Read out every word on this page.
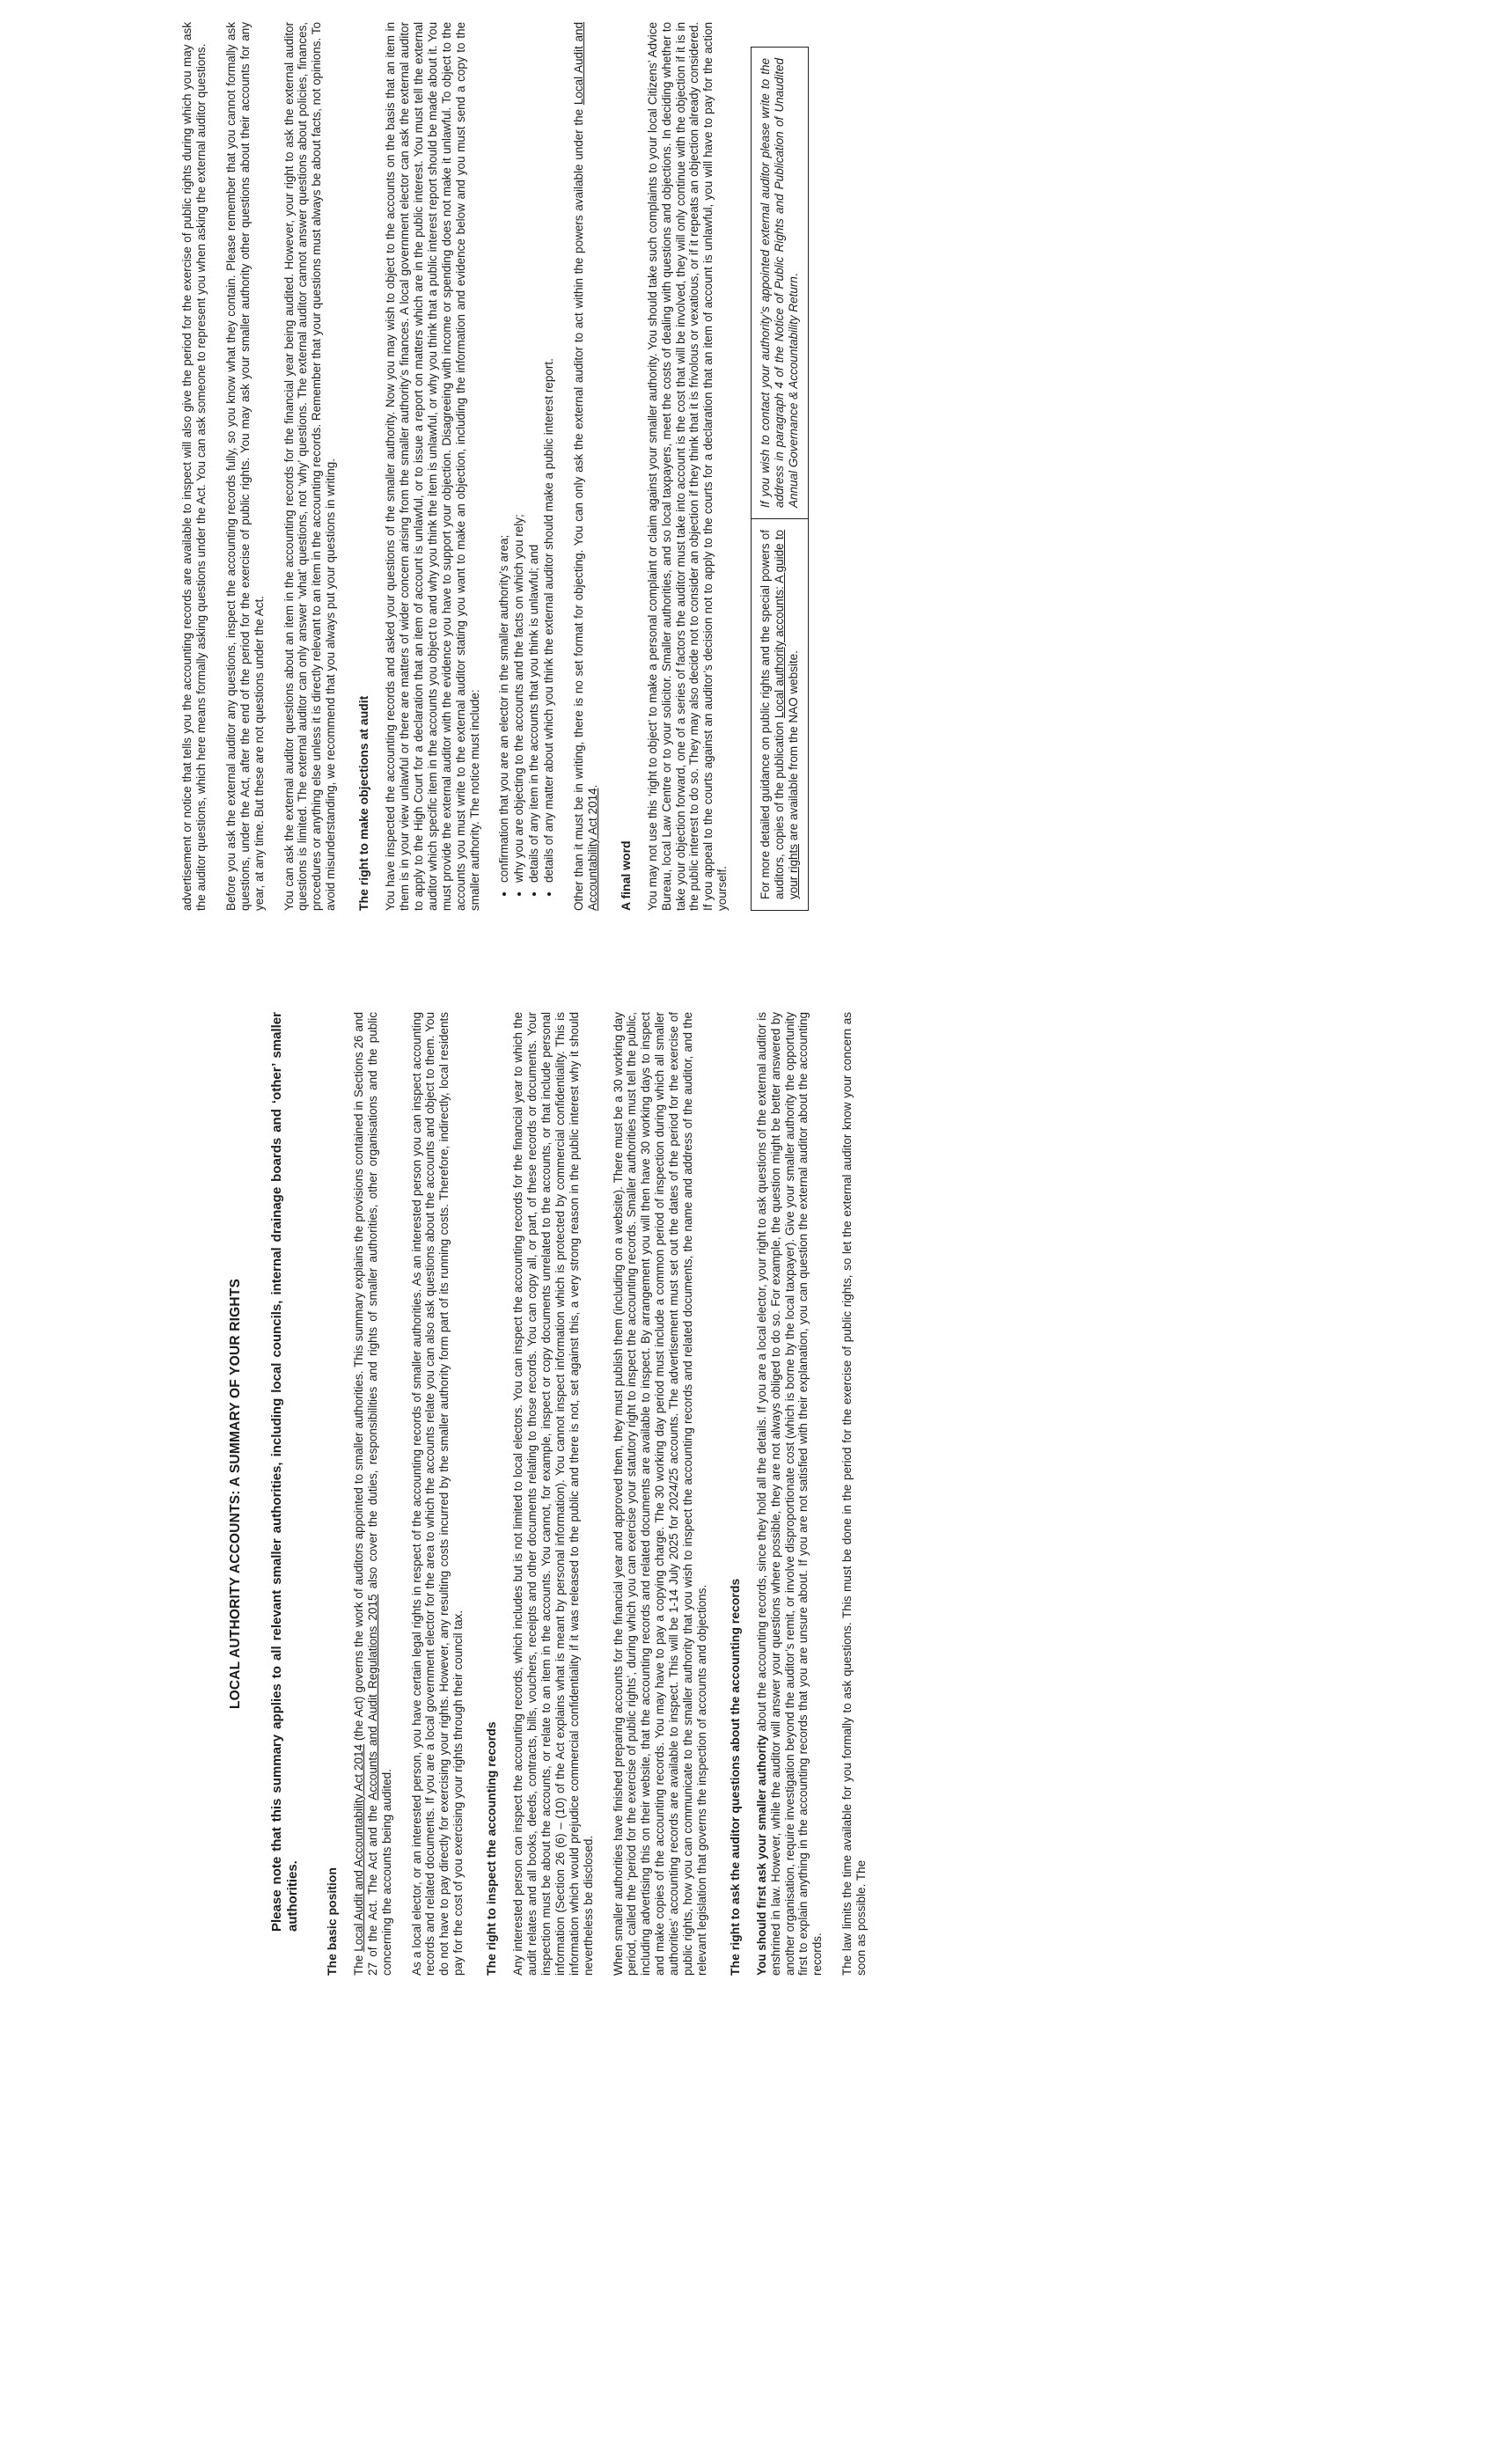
LOCAL AUTHORITY ACCOUNTS: A SUMMARY OF YOUR RIGHTS Please note that this summary applies to all relevant smaller authorities, including local councils, internal drainage boards and ‘other’ smaller authorities. The basic position The Local Audit and Accountability Act 2014 (the Act) governs the work of auditors appointed to smaller authorities. This summary explains the provisions contained in Sections 26 and 27 of the Act. The Act and the Accounts and Audit Regulations 2015 also cover the duties, responsibilities and rights of smaller authorities, other organisations and the public concerning the accounts being audited. As a local elector, or an interested person, you have certain legal rights in respect of the accounting records of smaller authorities. As an interested person you can inspect accounting records and related documents. If you are a local government elector for the area to which the accounts relate you can also ask questions about the accounts and object to them. You do not have to pay directly for exercising your rights. However, any resulting costs incurred by the smaller authority form part of its running costs. Therefore, indirectly, local residents pay for the cost of you exercising your rights through their council tax. The right to inspect the accounting records Any interested person can inspect the accounting records, which includes but is not limited to local electors. You can inspect the accounting records for the financial year to which the audit relates and all books, deeds, contracts, bills, vouchers, receipts and other documents relating to those records. You can copy all, or part, of these records or documents. Your inspection must be about the accounts, or relate to an item in the accounts. You cannot, for example, inspect or copy documents unrelated to the accounts, or that include personal information (Section 26 (6) – (10) of the Act explains what is meant by personal information). You cannot inspect information which is protected by commercial confidentiality. This is information which would prejudice commercial confidentiality if it was released to the public and there is not, set against this, a very strong reason in the public interest why it should nevertheless be disclosed. When smaller authorities have finished preparing accounts for the financial year and approved them, they must publish them (including on a website). There must be a 30 working day period, called the ‘period for the exercise of public rights’, during which you can exercise your statutory right to inspect the accounting records. Smaller authorities must tell the public, including advertising this on their website, that the accounting records and related documents are available to inspect. By arrangement you will then have 30 working days to inspect and make copies of the accounting records. You may have to pay a copying charge. The 30 working day period must include a common period of inspection during which all smaller authorities’ accounting records are available to inspect. This will be 1-14 July 2025 for 2024/25 accounts. The advertisement must set out the dates of the period for the exercise of public rights, how you can communicate to the smaller authority that you wish to inspect the accounting records and related documents, the name and address of the auditor, and the relevant legislation that governs the inspection of accounts and objections. The right to ask the auditor questions about the accounting records You should first ask your smaller authority about the accounting records, since they hold all the details. If you are a local elector, your right to ask questions of the external auditor is enshrined in law. However, while the auditor will answer your questions where possible, they are not always obliged to do so. For example, the question might be better answered by another organisation, require investigation beyond the auditor’s remit, or involve disproportionate cost (which is borne by the local taxpayer). Give your smaller authority the opportunity first to explain anything in the accounting records that you are unsure about. If you are not satisfied with their explanation, you can question the external auditor about the accounting records. The law limits the time available for you formally to ask questions. This must be done in the period for the exercise of public rights, so let the external auditor know your concern as soon as possible. The

advertisement or notice that tells you the accounting records are available to inspect will also give the period for the exercise of public rights during which you may ask the auditor questions, which here means formally asking questions under the Act. You can ask someone to represent you when asking the external auditor questions. Before you ask the external auditor any questions, inspect the accounting records fully, so you know what they contain. Please remember that you cannot formally ask questions, under the Act, after the end of the period for the exercise of public rights. You may ask your smaller authority other questions about their accounts for any year, at any time. But these are not questions under the Act. You can ask the external auditor questions about an item in the accounting records for the financial year being audited. However, your right to ask the external auditor questions is limited. The external auditor can only answer ‘what’ questions, not ‘why’ questions. The external auditor cannot answer questions about policies, finances, procedures or anything else unless it is directly relevant to an item in the accounting records. Remember that your questions must always be about facts, not opinions. To avoid misunderstanding, we recommend that you always put your questions in writing. The right to make objections at audit You have inspected the accounting records and asked your questions of the smaller authority. Now you may wish to object to the accounts on the basis that an item in them is in your view unlawful or there are matters of wider concern arising from the smaller authority’s finances. A local government elector can ask the external auditor to apply to the High Court for a declaration that an item of account is unlawful, or to issue a report on matters which are in the public interest. You must tell the external auditor which specific item in the accounts you object to and why you think the item is unlawful, or why you think that a public interest report should be made about it. You must provide the external auditor with the evidence you have to support your objection. Disagreeing with income or spending does not make it unlawful. To object to the accounts you must write to the external auditor stating you want to make an objection, including the information and evidence below and you must send a copy to the smaller authority. The notice must include: • confirmation that you are an elector in the smaller authority’s area; • why you are objecting to the accounts and the facts on which you rely; • details of any item in the accounts that you think is unlawful; and • details of any matter about which you think the external auditor should make a public interest report. Other than it must be in writing, there is no set format for objecting. You can only ask the external auditor to act within the powers available under the Local Audit and Accountability Act 2014.

A final word You may not use this ‘right to object’ to make a personal complaint or claim against your smaller authority. You should take such complaints to your local Citizens’ Advice Bureau, local Law Centre or to your solicitor. Smaller authorities, and so local taxpayers, meet the costs of dealing with questions and objections. In deciding whether to take your objection forward, one of a series of factors the auditor must take into account is the cost that will be involved, they will only continue with the objection if it is in the public interest to do so. They may also decide not to consider an objection if they think that it is frivolous or vexatious, or if it repeats an objection already considered. If you appeal to the courts against an auditor’s decision not to apply to the courts for a declaration that an item of account is unlawful, you will have to pay for the action yourself.	For more detailed guidance on public rights and the special powers of auditors, copies of the publication Local authority accounts: A guide to your rights are available from the NAO website.
If you wish to contact your authority’s appointed external auditor please write to the address in paragraph 4 of the Notice of Public Rights and Publication of Unaudited Annual Governance & Accountability Return.
